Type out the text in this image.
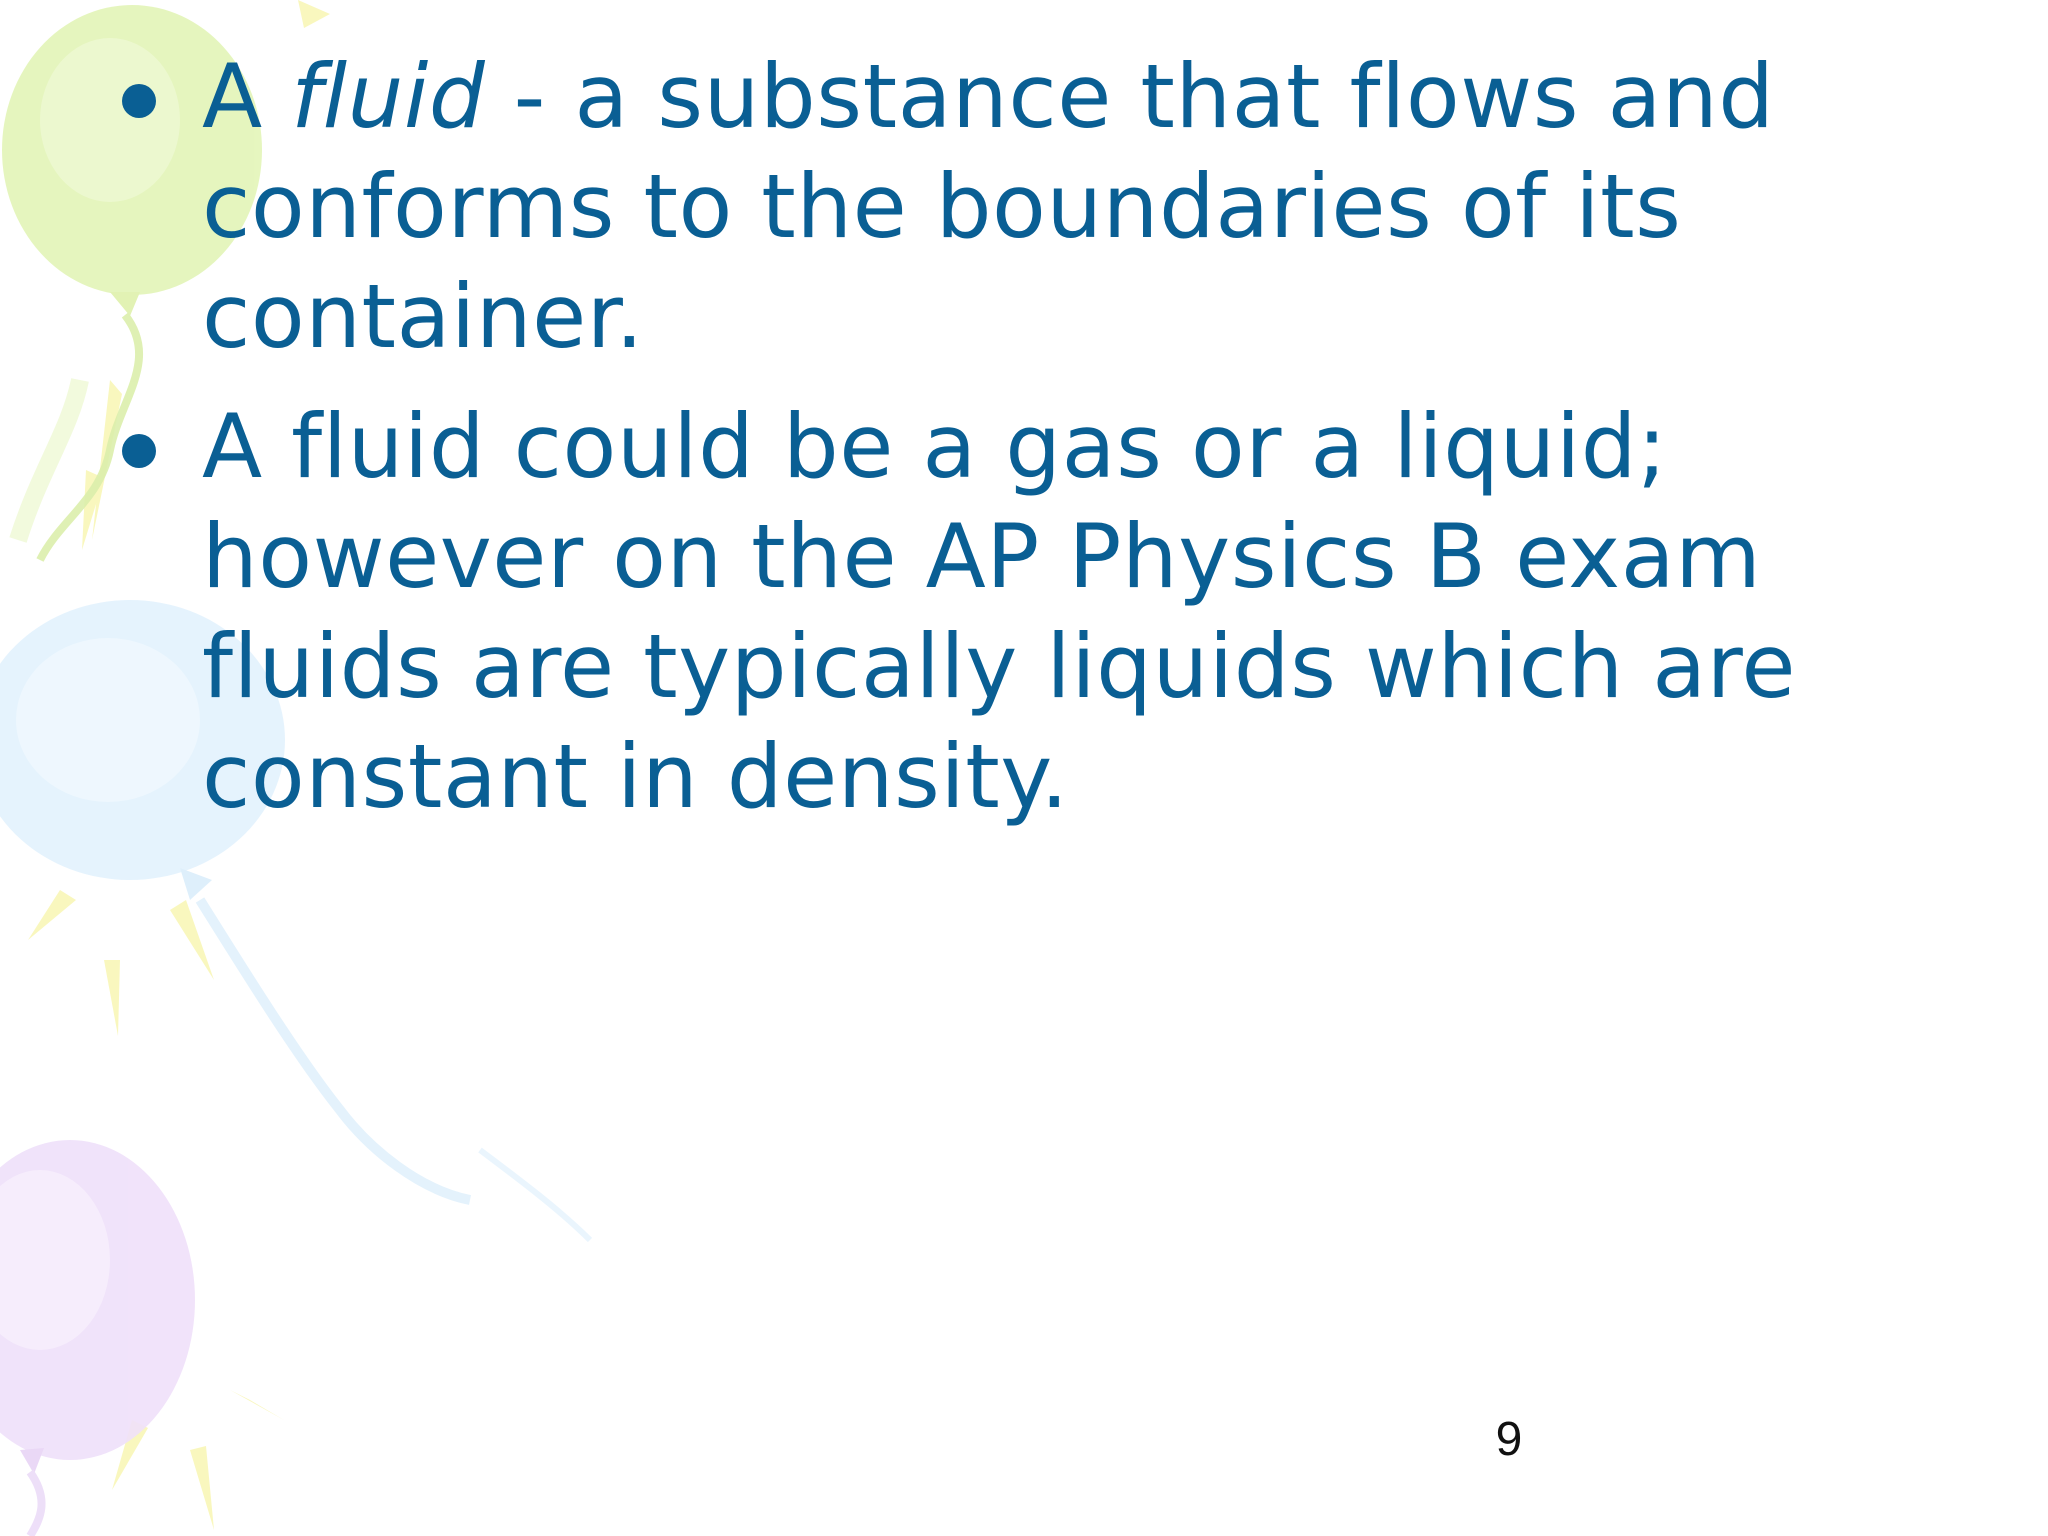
A fluid - a substance that flows and conforms to the boundaries of its container.
A fluid could be a gas or a liquid; however on the AP Physics B exam fluids are typically liquids which are constant in density.
9
